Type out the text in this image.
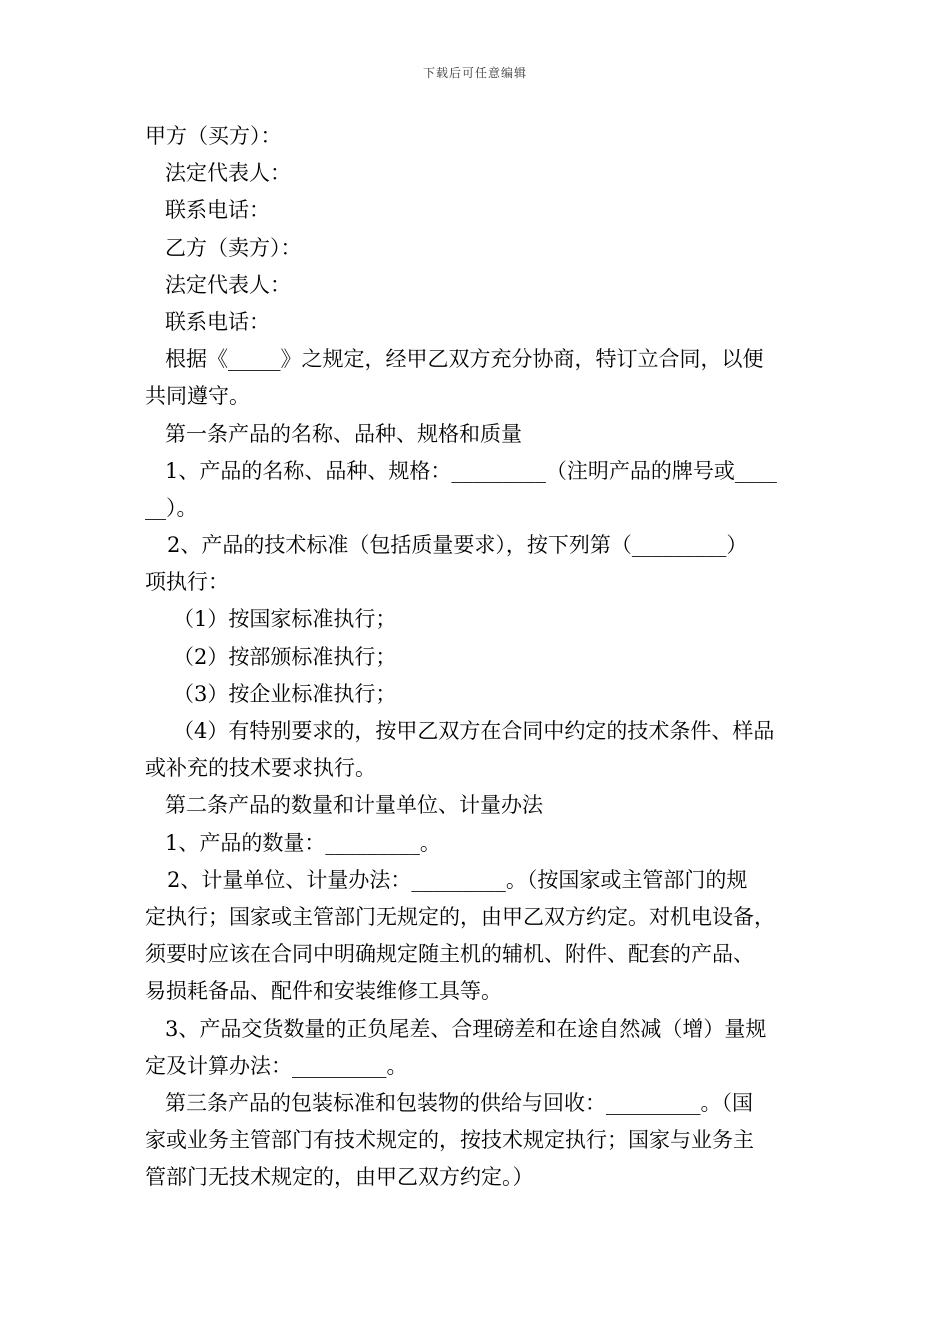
下载后可任意编辑
甲方（买方）：
法定代表人：
联系电话：
乙方（卖方）：
法定代表人：
联系电话：
根据《_____》之规定，经甲乙双方充分协商，特订立合同，以便
共同遵守。
第一条产品的名称、品种、规格和质量
1、产品的名称、品种、规格：_________（注明产品的牌号或____
__）。
2、产品的技术标准（包括质量要求），按下列第（_________）
项执行：
（1）按国家标准执行；
（2）按部颁标准执行；
（3）按企业标准执行；
（4）有特别要求的，按甲乙双方在合同中约定的技术条件、样品
或补充的技术要求执行。
第二条产品的数量和计量单位、计量办法
1、产品的数量：_________。
2、计量单位、计量办法：_________。（按国家或主管部门的规
定执行；国家或主管部门无规定的，由甲乙双方约定。对机电设备，
须要时应该在合同中明确规定随主机的辅机、附件、配套的产品、
易损耗备品、配件和安装维修工具等。
3、产品交货数量的正负尾差、合理磅差和在途自然减（增）量规
定及计算办法：_________。
第三条产品的包装标准和包装物的供给与回收：_________。（国
家或业务主管部门有技术规定的，按技术规定执行；国家与业务主
管部门无技术规定的，由甲乙双方约定。）
